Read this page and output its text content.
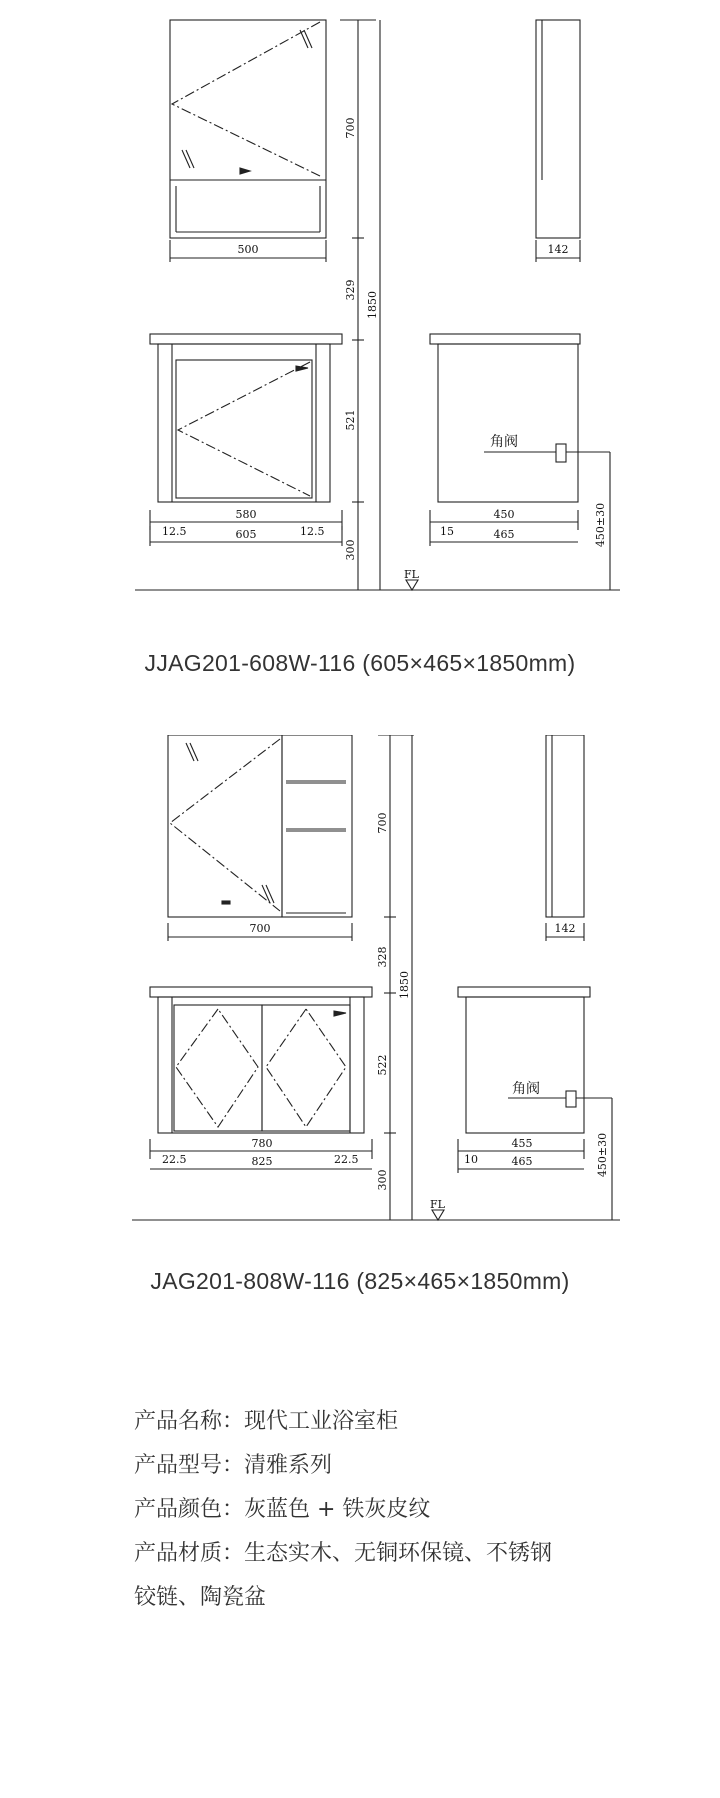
500	142
700
329
1850
521
300
580
605
12.5	12.5
角阀
450
465
15	450±30
FL
JJAG201-608W-116 (605×465×1850mm)
700	142
700
328
1850
522
300
780
825
22.5	22.5
角阀
455
465
10	450±30
FL
JAG201-808W-116 (825×465×1850mm)
产品名称：现代工业浴室柜
产品型号：清雅系列
产品颜色：灰蓝色 + 铁灰皮纹
产品材质：生态实木、无铜环保镜、不锈钢
铰链、陶瓷盆
